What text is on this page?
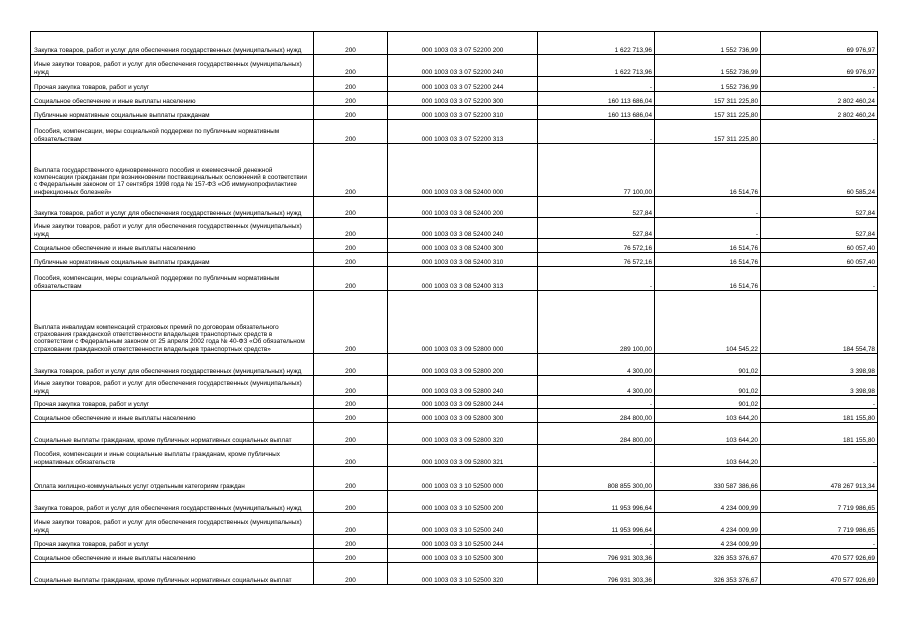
Закупка товаров, работ и услуг для обеспечения государственных (муниципальных) нужд	200	000 1003 03 3 07 52200 200	1 622 713,96	1 552 736,99	69 976,97
Иные закупки товаров, работ и услуг для обеспечения государственных (муниципальных) нужд	200	000 1003 03 3 07 52200 240	1 622 713,96	1 552 736,99	69 976,97
Прочая закупка товаров, работ и услуг	200	000 1003 03 3 07 52200 244	-	1 552 736,99	-
Социальное обеспечение и иные выплаты населению	200	000 1003 03 3 07 52200 300	160 113 686,04	157 311 225,80	2 802 460,24
Публичные нормативные социальные выплаты гражданам	200	000 1003 03 3 07 52200 310	160 113 686,04	157 311 225,80	2 802 460,24
Пособия, компенсации, меры социальной поддержки по публичным нормативным обязательствам	200	000 1003 03 3 07 52200 313	-	157 311 225,80	-
Выплата государственного единовременного пособия и ежемесячной денежной компенсации гражданам при возникновении поствакцинальных осложнений в соответствии с Федеральным законом от 17 сентября 1998 года № 157-ФЗ «Об иммунопрофилактике инфекционных болезней»	200	000 1003 03 3 08 52400 000	77 100,00	16 514,76	60 585,24
Закупка товаров, работ и услуг для обеспечения государственных (муниципальных) нужд	200	000 1003 03 3 08 52400 200	527,84	-	527,84
Иные закупки товаров, работ и услуг для обеспечения государственных (муниципальных) нужд	200	000 1003 03 3 08 52400 240	527,84	-	527,84
Социальное обеспечение и иные выплаты населению	200	000 1003 03 3 08 52400 300	76 572,16	16 514,76	60 057,40
Публичные нормативные социальные выплаты гражданам	200	000 1003 03 3 08 52400 310	76 572,16	16 514,76	60 057,40
Пособия, компенсации, меры социальной поддержки по публичным нормативным обязательствам	200	000 1003 03 3 08 52400 313	-	16 514,76	-
Выплата инвалидам компенсаций страховых премий по договорам обязательного страхования гражданской ответственности владельцев транспортных средств в соответствии с Федеральным законом от 25 апреля 2002 года № 40-ФЗ «Об обязательном страховании гражданской ответственности владельцев транспортных средств»	200	000 1003 03 3 09 52800 000	289 100,00	104 545,22	184 554,78
Закупка товаров, работ и услуг для обеспечения государственных (муниципальных) нужд	200	000 1003 03 3 09 52800 200	4 300,00	901,02	3 398,98
Иные закупки товаров, работ и услуг для обеспечения государственных (муниципальных) нужд	200	000 1003 03 3 09 52800 240	4 300,00	901,02	3 398,98
Прочая закупка товаров, работ и услуг	200	000 1003 03 3 09 52800 244	-	901,02	-
Социальное обеспечение и иные выплаты населению	200	000 1003 03 3 09 52800 300	284 800,00	103 644,20	181 155,80
Социальные выплаты гражданам, кроме публичных нормативных социальных выплат	200	000 1003 03 3 09 52800 320	284 800,00	103 644,20	181 155,80
Пособия, компенсации и иные социальные выплаты гражданам, кроме публичных нормативных обязательств	200	000 1003 03 3 09 52800 321	-	103 644,20	-
Оплата жилищно-коммунальных услуг отдельным категориям граждан	200	000 1003 03 3 10 52500 000	808 855 300,00	330 587 386,66	478 267 913,34
Закупка товаров, работ и услуг для обеспечения государственных (муниципальных) нужд	200	000 1003 03 3 10 52500 200	11 953 996,64	4 234 009,99	7 719 986,65
Иные закупки товаров, работ и услуг для обеспечения государственных (муниципальных) нужд	200	000 1003 03 3 10 52500 240	11 953 996,64	4 234 009,99	7 719 986,65
Прочая закупка товаров, работ и услуг	200	000 1003 03 3 10 52500 244	-	4 234 009,99	-
Социальное обеспечение и иные выплаты населению	200	000 1003 03 3 10 52500 300	796 931 303,36	326 353 376,67	470 577 926,69
Социальные выплаты гражданам, кроме публичных нормативных социальных выплат	200	000 1003 03 3 10 52500 320	796 931 303,36	326 353 376,67	470 577 926,69
